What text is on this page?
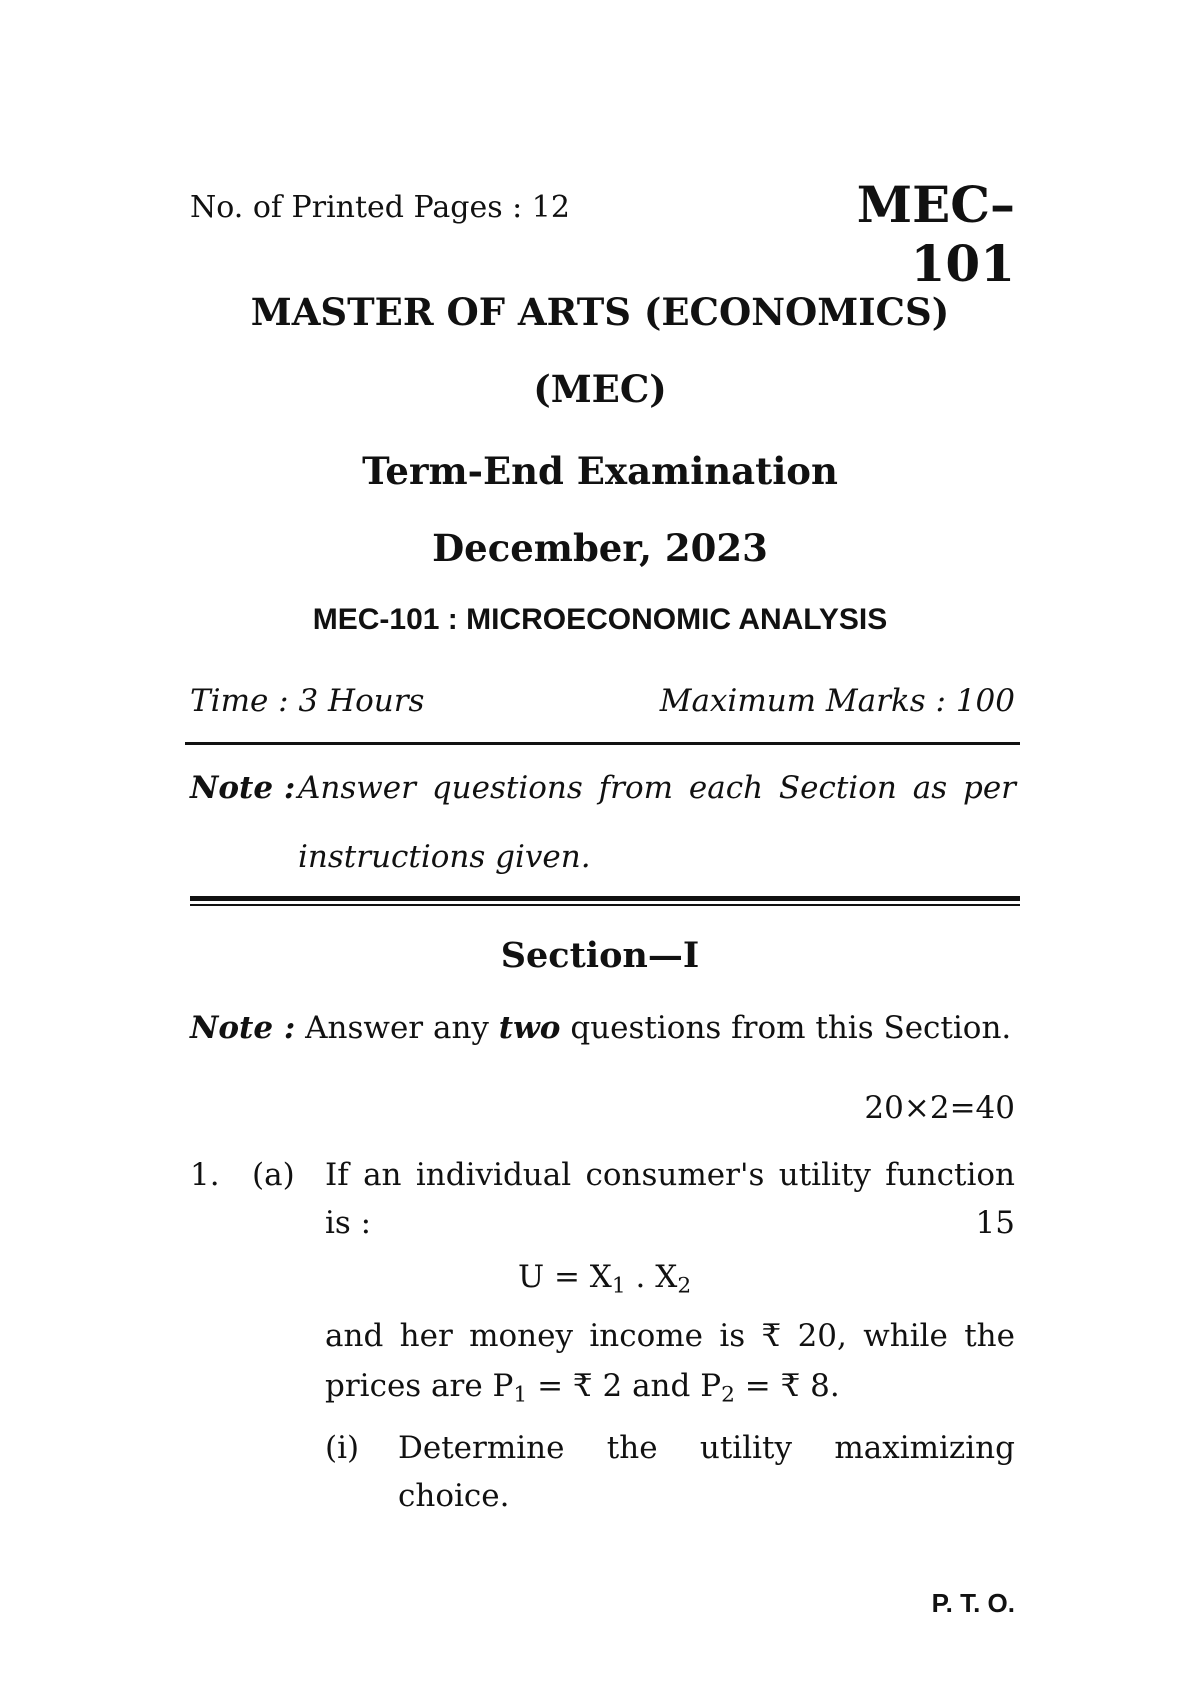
No. of Printed Pages : 12	MEC–101
MASTER OF ARTS (ECONOMICS)
(MEC)
Term-End Examination
December, 2023
MEC-101 : MICROECONOMIC ANALYSIS
Time : 3 Hours	Maximum Marks : 100
Note : Answer questions from each Section as per
instructions given.
Section—I
Note : Answer any two questions from this Section.
20×2=40
1. (a) If an individual consumer's utility function
is :	15
$U = X_1$ . $X_2$
and her money income is ₹ 20, while the
prices are $P_1$ = ₹ 2 and $P_2$ = ₹ 8.
(i) Determine the utility maximizing
choice.
P. T. O.
